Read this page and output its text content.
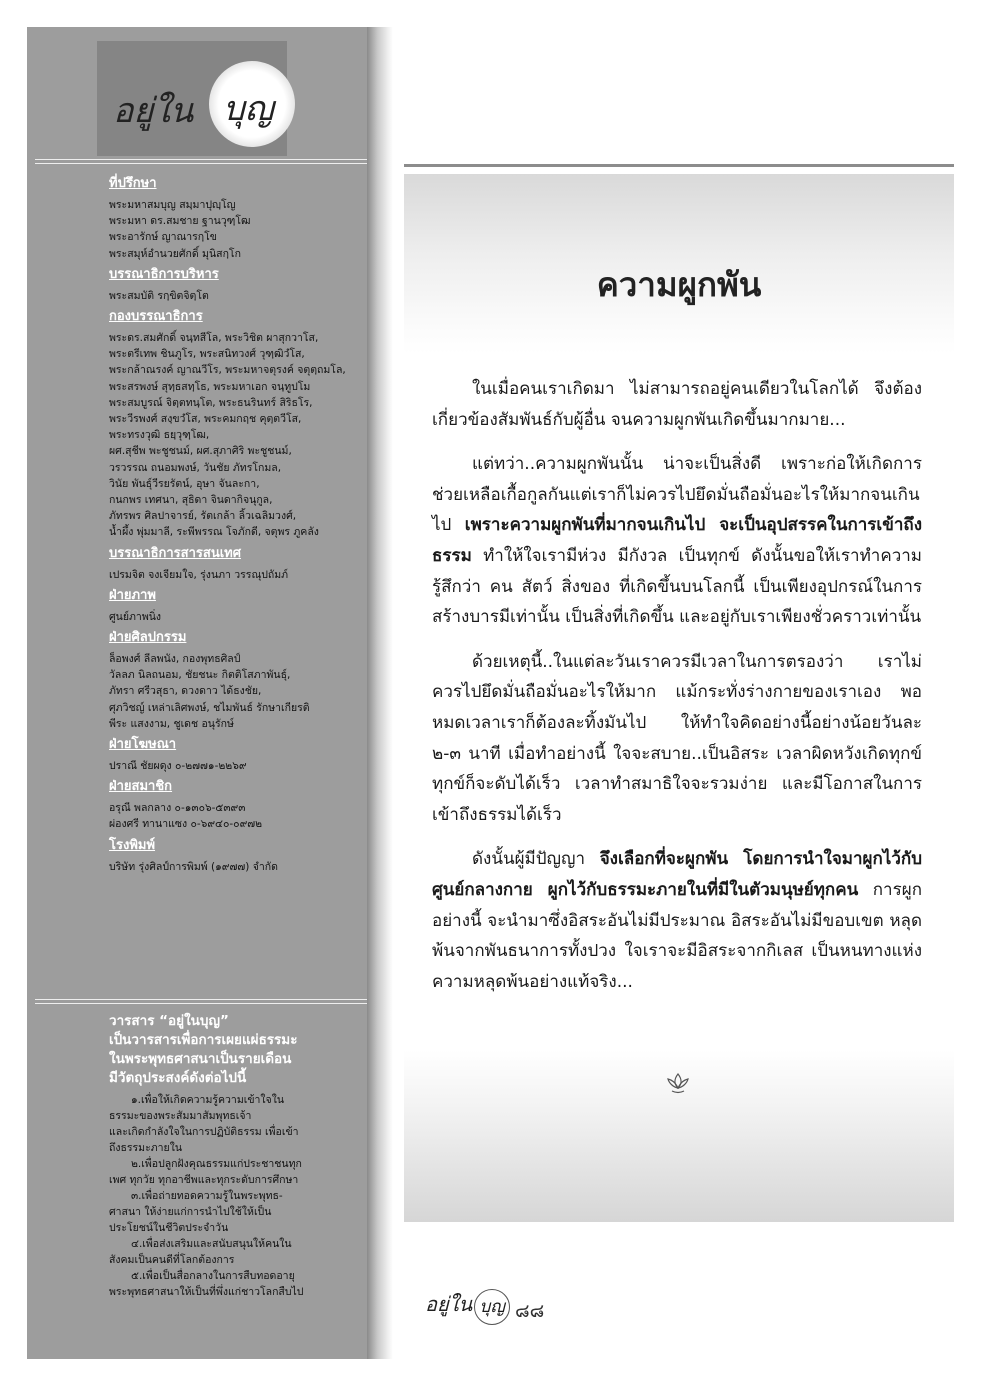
อยู่ใน บุญ
ที่ปรึกษา
พระมหาสมบุญ สมฺมาปุญฺโญ
พระมหา ดร.สมชาย ฐานวุฑฺโฒ
พระอารักษ์ ญาณารกฺโข
พระสมุห์อำนวยศักดิ์ มุนิสกฺโก
บรรณาธิการบริหาร
พระสมบัติ รกฺขิตจิตฺโต
กองบรรณาธิการ
พระดร.สมศักดิ์ จนฺทสีโล, พระวิชิต ผาสุกวาโส,
พระตรีเทพ ชินภูโร, พระสนิทวงศ์ วุฑฺฒิวํโส,
พระกล้าณรงค์ ญาณวีโร, พระมหาจตุรงค์ จตุตฺถมโล,
พระสรพงษ์ สุทฺธสทฺโธ, พระมหาเอก จนฺทูปโม
พระสมบูรณ์ จิตฺตทนฺโต, พระธนรินทร์ สิริธโร,
พระวีรพงศ์ สงฺขวํโส, พระคมกฤช คุตฺตวีโส,
พระทรงวุฒิ ธยฺวุฑฺโฒ,
ผศ.สุชีพ พะชูชนม์, ผศ.สุภาศิริ พะชูชนม์,
วรวรรณ ถนอมพงษ์, วันชัย ภัทรโกมล,
วินัย พันธุ์วีรยรัตน์, อุษา จันละกา,
กนกพร เทศนา, สุธิดา จินดากิจนุกูล,
ภัทรพร ศิลปาจารย์, รัตเกล้า ลิ้วเฉลิมวงศ์,
น้ำผึ้ง พุ่มมาลี, ระพีพรรณ โจภักดี, จตุพร ภูคลัง
บรรณาธิการสารสนเทศ
เปรมจิต จงเจียมใจ, รุ่งนภา วรรณุปถัมภ์
ฝ่ายภาพ
ศูนย์ภาพนิ่ง
ฝ่ายศิลปกรรม
ล็อพงศ์ ลีลพนัง, กองพุทธศิลป์
วัลลภ นิลถนอม, ชัยชนะ กิตติโสภาพันธุ์,
ภัทรา ศรีวสุธา, ดวงดาว ได้ธงชัย,
ศุภวิชญ์ เหล่าเลิศพงษ์, ชไมพันธ์ รักษาเกียรติ
พีระ แสงงาม, ชูเดช อนุรักษ์
ฝ่ายโฆษณา
ปราณี ชัยผดุง ๐-๒๗๗๑-๒๒๖๙
ฝ่ายสมาชิก
อรุณี พลกลาง ๐-๑๓๐๖-๕๓๙๓
ผ่องศรี ทานาแซง ๐-๖๙๔๐-๐๙๗๒
โรงพิมพ์
บริษัท รุ่งศิลป์การพิมพ์ (๑๙๗๗) จำกัด
วารสาร “อยู่ในบุญ”
เป็นวารสารเพื่อการเผยแผ่ธรรมะ
ในพระพุทธศาสนาเป็นรายเดือน
มีวัตถุประสงค์ดังต่อไปนี้
๑.เพื่อให้เกิดความรู้ความเข้าใจใน
ธรรมะของพระสัมมาสัมพุทธเจ้า
และเกิดกำลังใจในการปฏิบัติธรรม เพื่อเข้า
ถึงธรรมะภายใน
๒.เพื่อปลูกฝังคุณธรรมแก่ประชาชนทุก
เพศ ทุกวัย ทุกอาชีพและทุกระดับการศึกษา
๓.เพื่อถ่ายทอดความรู้ในพระพุทธ-
ศาสนา ให้ง่ายแก่การนำไปใช้ให้เป็น
ประโยชน์ในชีวิตประจำวัน
๔.เพื่อส่งเสริมและสนับสนุนให้คนใน
สังคมเป็นคนดีที่โลกต้องการ
๕.เพื่อเป็นสื่อกลางในการสืบทอดอายุ
พระพุทธศาสนาให้เป็นที่พึ่งแก่ชาวโลกสืบไป
ความผูกพัน

ในเมื่อคนเราเกิดมา ไม่สามารถอยู่คนเดียวในโลกได้ จึงต้องเกี่ยวข้องสัมพันธ์กับผู้อื่น จนความผูกพันเกิดขึ้นมากมาย...

แต่ทว่า..ความผูกพันนั้น น่าจะเป็นสิ่งดี เพราะก่อให้เกิดการช่วยเหลือเกื้อกูลกันแต่เราก็ไม่ควรไปยึดมั่นถือมั่นอะไรให้มากจนเกินไป เพราะความผูกพันที่มากจนเกินไป จะเป็นอุปสรรคในการเข้าถึงธรรม ทำให้ใจเรามีห่วง มีกังวล เป็นทุกข์ ดังนั้นขอให้เราทำความรู้สึกว่า คน สัตว์ สิ่งของ ที่เกิดขึ้นบนโลกนี้ เป็นเพียงอุปกรณ์ในการสร้างบารมีเท่านั้น เป็นสิ่งที่เกิดขึ้น และอยู่กับเราเพียงชั่วคราวเท่านั้น

ด้วยเหตุนี้..ในแต่ละวันเราควรมีเวลาในการตรองว่า เราไม่ควรไปยึดมั่นถือมั่นอะไรให้มาก แม้กระทั่งร่างกายของเราเอง พอหมดเวลาเราก็ต้องละทิ้งมันไป ให้ทำใจคิดอย่างนี้อย่างน้อยวันละ ๒-๓ นาที เมื่อทำอย่างนี้ ใจจะสบาย..เป็นอิสระ เวลาผิดหวังเกิดทุกข์ ทุกข์ก็จะดับได้เร็ว เวลาทำสมาธิใจจะรวมง่าย และมีโอกาสในการเข้าถึงธรรมได้เร็ว

ดังนั้นผู้มีปัญญา จึงเลือกที่จะผูกพัน โดยการนำใจมาผูกไว้กับศูนย์กลางกาย ผูกไว้กับธรรมะภายในที่มีในตัวมนุษย์ทุกคน การผูกอย่างนี้ จะนำมาซึ่งอิสระอันไม่มีประมาณ อิสระอันไม่มีขอบเขต หลุดพ้นจากพันธนาการทั้งปวง ใจเราจะมีอิสระจากกิเลส เป็นหนทางแห่งความหลุดพ้นอย่างแท้จริง...

อยู่ใน บุญ ๘๘
